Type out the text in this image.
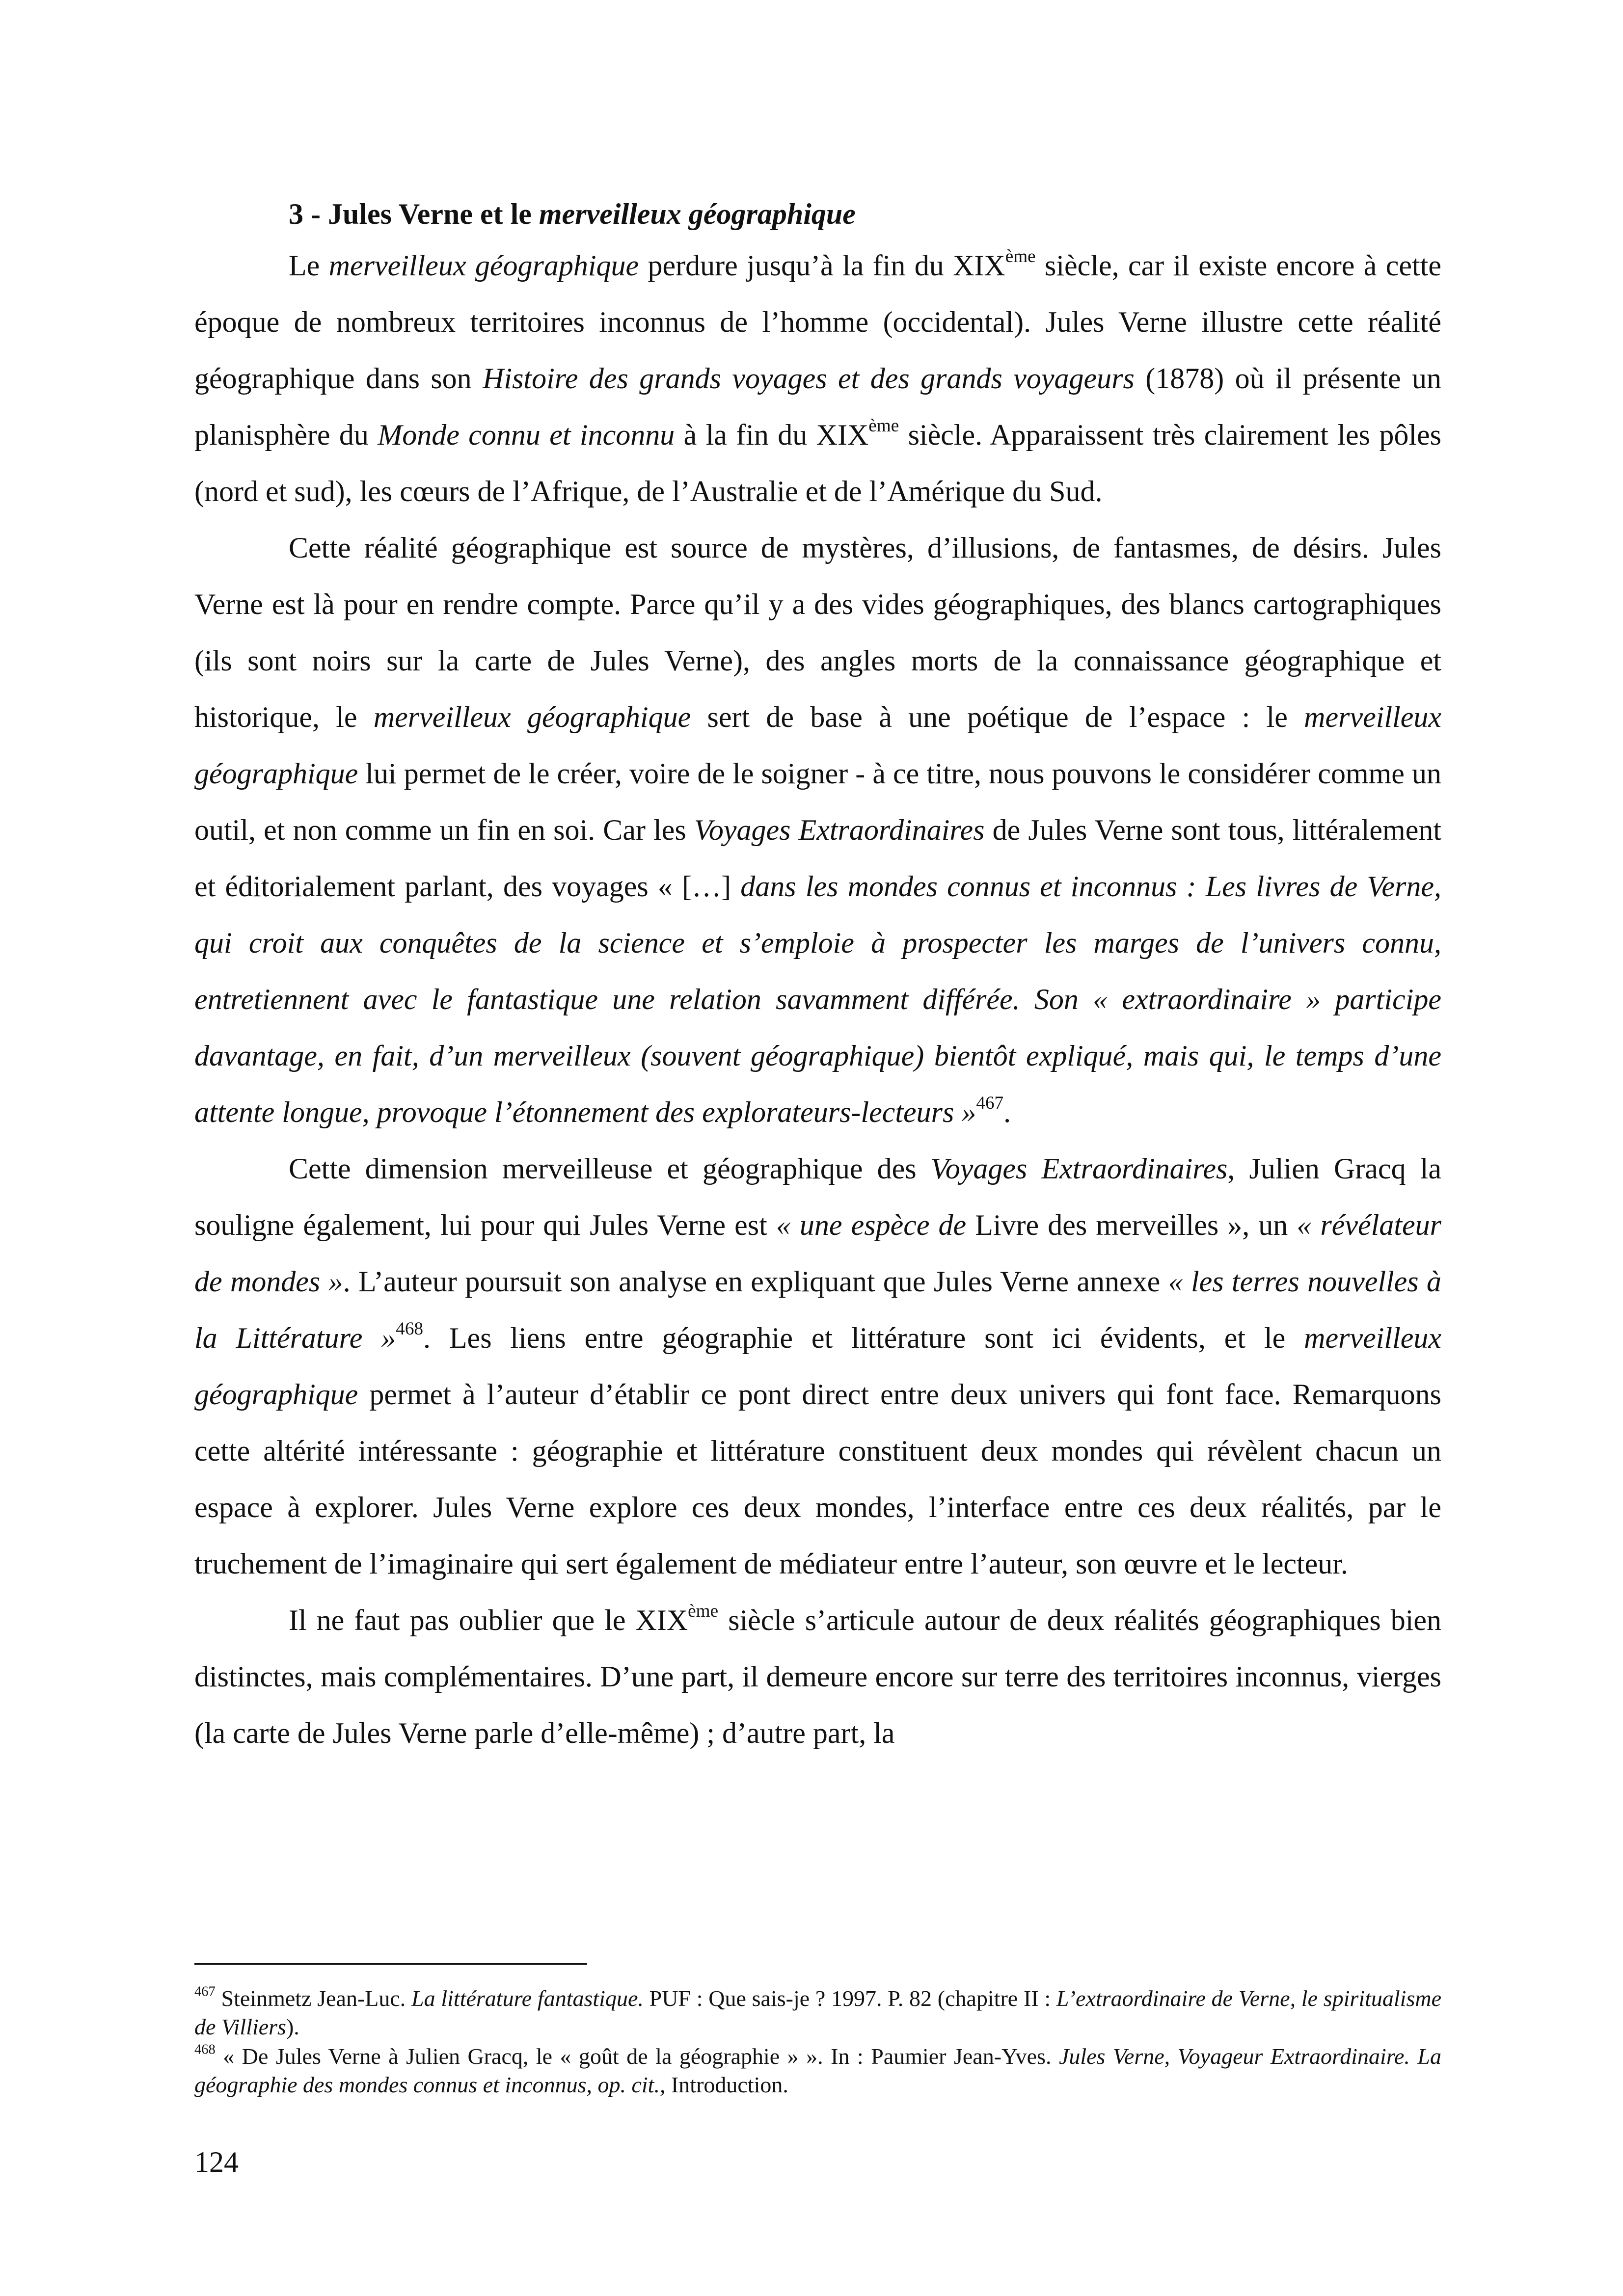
3 - Jules Verne et le merveilleux géographique

Le merveilleux géographique perdure jusqu’à la fin du XIXème siècle, car il existe encore à cette époque de nombreux territoires inconnus de l’homme (occidental). Jules Verne illustre cette réalité géographique dans son Histoire des grands voyages et des grands voyageurs (1878) où il présente un planisphère du Monde connu et inconnu à la fin du XIXème siècle. Apparaissent très clairement les pôles (nord et sud), les cœurs de l’Afrique, de l’Australie et de l’Amérique du Sud.

Cette réalité géographique est source de mystères, d’illusions, de fantasmes, de désirs. Jules Verne est là pour en rendre compte. Parce qu’il y a des vides géographiques, des blancs cartographiques (ils sont noirs sur la carte de Jules Verne), des angles morts de la connaissance géographique et historique, le merveilleux géographique sert de base à une poétique de l’espace : le merveilleux géographique lui permet de le créer, voire de le soigner - à ce titre, nous pouvons le considérer comme un outil, et non comme un fin en soi. Car les Voyages Extraordinaires de Jules Verne sont tous, littéralement et éditorialement parlant, des voyages « […] dans les mondes connus et inconnus : Les livres de Verne, qui croit aux conquêtes de la science et s’emploie à prospecter les marges de l’univers connu, entretiennent avec le fantastique une relation savamment différée. Son « extraordinaire » participe davantage, en fait, d’un merveilleux (souvent géographique) bientôt expliqué, mais qui, le temps d’une attente longue, provoque l’étonnement des explorateurs-lecteurs »$^{467}$.

Cette dimension merveilleuse et géographique des Voyages Extraordinaires, Julien Gracq la souligne également, lui pour qui Jules Verne est « une espèce de Livre des merveilles », un « révélateur de mondes ». L’auteur poursuit son analyse en expliquant que Jules Verne annexe « les terres nouvelles à la Littérature »$^{468}$. Les liens entre géographie et littérature sont ici évidents, et le merveilleux géographique permet à l’auteur d’établir ce pont direct entre deux univers qui font face. Remarquons cette altérité intéressante : géographie et littérature constituent deux mondes qui révèlent chacun un espace à explorer. Jules Verne explore ces deux mondes, l’interface entre ces deux réalités, par le truchement de l’imaginaire qui sert également de médiateur entre l’auteur, son œuvre et le lecteur.

Il ne faut pas oublier que le XIXème siècle s’articule autour de deux réalités géographiques bien distinctes, mais complémentaires. D’une part, il demeure encore sur terre des territoires inconnus, vierges (la carte de Jules Verne parle d’elle-même) ; d’autre part, la

$^{467}$ Steinmetz Jean-Luc. La littérature fantastique. PUF : Que sais-je ? 1997. P. 82 (chapitre II : L’extraordinaire de Verne, le spiritualisme de Villiers).

$^{468}$ « De Jules Verne à Julien Gracq, le « goût de la géographie » ». In : Paumier Jean-Yves. Jules Verne, Voyageur Extraordinaire. La géographie des mondes connus et inconnus, op. cit., Introduction.

124
